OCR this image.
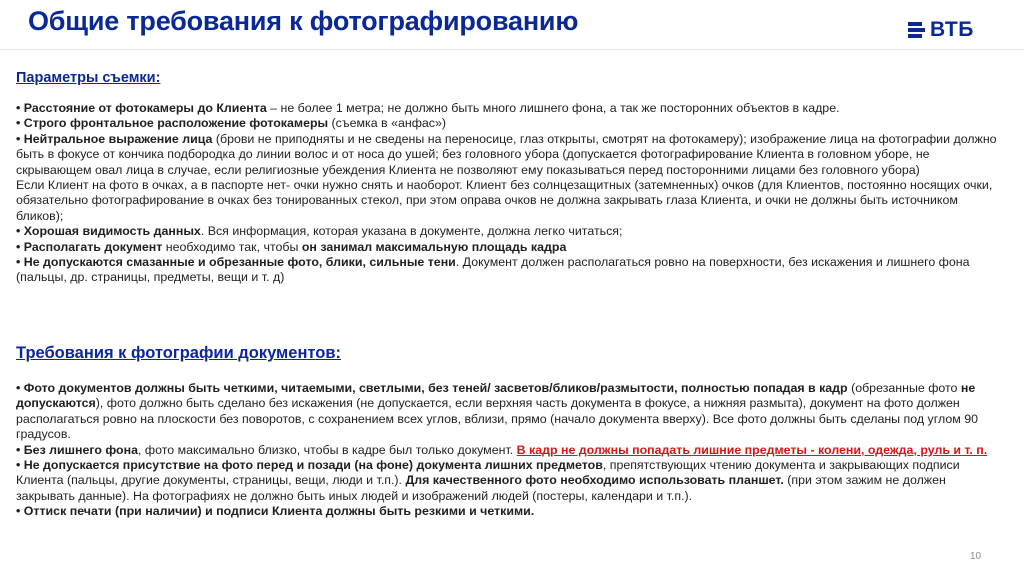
Общие требования к фотографированию	ВТБ
Параметры съемки:

• Расстояние от фотокамеры до Клиента – не более 1 метра; не должно быть много лишнего фона, а так же посторонних объектов в кадре.

• Строго фронтальное расположение фотокамеры (съемка в «анфас»)

• Нейтральное выражение лица (брови не приподняты и не сведены на переносице, глаз открыты, смотрят на фотокамеру); изображение лица на фотографии должно быть в фокусе от кончика подбородка до линии волос и от носа до ушей; без головного убора (допускается фотографирование Клиента в головном уборе, не скрывающем овал лица в случае, если религиозные убеждения Клиента не позволяют ему показываться перед посторонними лицами без головного убора)

Если Клиент на фото в очках, а в паспорте нет- очки нужно снять и наоборот. Клиент без солнцезащитных (затемненных) очков (для Клиентов, постоянно носящих очки, обязательно фотографирование в очках без тонированных стекол, при этом оправа очков не должна закрывать глаза Клиента, и очки не должны быть источником бликов);

• Хорошая видимость данных. Вся информация, которая указана в документе, должна легко читаться;

• Располагать документ необходимо так, чтобы он занимал максимальную площадь кадра

• Не допускаются смазанные и обрезанные фото, блики, сильные тени. Документ должен располагаться ровно на поверхности, без искажения и лишнего фона (пальцы, др. страницы, предметы, вещи и т. д)

Требования к фотографии документов:

• Фото документов должны быть четкими, читаемыми, светлыми, без теней/ засветов/бликов/размытости, полностью попадая в кадр (обрезанные фото не допускаются), фото должно быть сделано без искажения (не допускается, если верхняя часть документа в фокусе, а нижняя размыта), документ на фото должен располагаться ровно на плоскости без поворотов, с сохранением всех углов, вблизи, прямо (начало документа вверху). Все фото должны быть сделаны под углом 90 градусов.

• Без лишнего фона, фото максимально близко, чтобы в кадре был только документ. В кадр не должны попадать лишние предметы - колени, одежда, руль и т. п.

• Не допускается присутствие на фото перед и позади (на фоне) документа лишних предметов, препятствующих чтению документа и закрывающих подписи Клиента (пальцы, другие документы, страницы, вещи, люди и т.п.). Для качественного фото необходимо использовать планшет. (при этом зажим не должен закрывать данные). На фотографиях не должно быть иных людей и изображений людей (постеры, календари и т.п.).

• Оттиск печати (при наличии) и подписи Клиента должны быть резкими и четкими.

10
